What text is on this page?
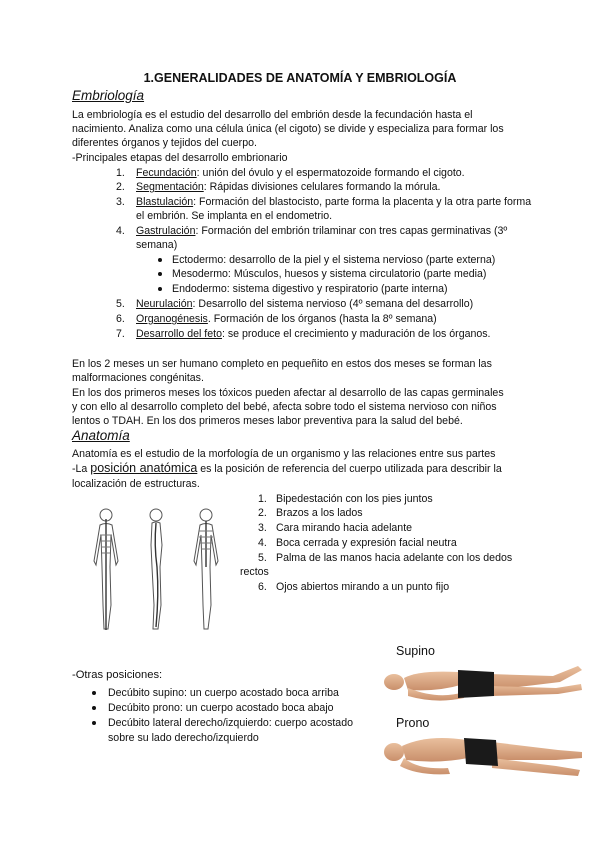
1.GENERALIDADES DE ANATOMÍA Y EMBRIOLOGÍA
Embriología
La embriología es el estudio del desarrollo del embrión desde la fecundación hasta el
nacimiento. Analiza como una célula única (el cigoto) se divide y especializa para formar los
diferentes órganos y tejidos del cuerpo.
-Principales etapas del desarrollo embrionario
1. Fecundación: unión del óvulo y el espermatozoide formando el cigoto.
2. Segmentación: Rápidas divisiones celulares formando la mórula.
3. Blastulación: Formación del blastocisto, parte forma la placenta y la otra parte forma
el embrión. Se implanta en el endometrio.
4. Gastrulación: Formación del embrión trilaminar con tres capas germinativas (3º
semana)
Ectodermo: desarrollo de la piel y el sistema nervioso (parte externa)
Mesodermo: Músculos, huesos y sistema circulatorio (parte media)
Endodermo: sistema digestivo y respiratorio (parte interna)
5. Neurulación: Desarrollo del sistema nervioso (4º semana del desarrollo)
6. Organogénesis. Formación de los órganos (hasta la 8º semana)
7. Desarrollo del feto: se produce el crecimiento y maduración de los órganos.
En los 2 meses un ser humano completo en pequeñito en estos dos meses se forman las
malformaciones congénitas.
En los dos primeros meses los tóxicos pueden afectar al desarrollo de las capas germinales
y con ello al desarrollo completo del bebé, afecta sobre todo el sistema nervioso con niños
lentos o TDAH. En los dos primeros meses labor preventiva para la salud del bebé.
Anatomía
Anatomía es el estudio de la morfología de un organismo y las relaciones entre sus partes
-La posición anatómica es la posición de referencia del cuerpo utilizada para describir la
localización de estructuras.
1. Bipedestación con los pies juntos
2. Brazos a los lados
3. Cara mirando hacia adelante
4. Boca cerrada y expresión facial neutra
5. Palma de las manos hacia adelante con los dedos
rectos
6. Ojos abiertos mirando a un punto fijo
-Otras posiciones:
Decúbito supino: un cuerpo acostado boca arriba
Decúbito prono: un cuerpo acostado boca abajo
Decúbito lateral derecho/izquierdo: cuerpo acostado
sobre su lado derecho/izquierdo
Supino
Prono
